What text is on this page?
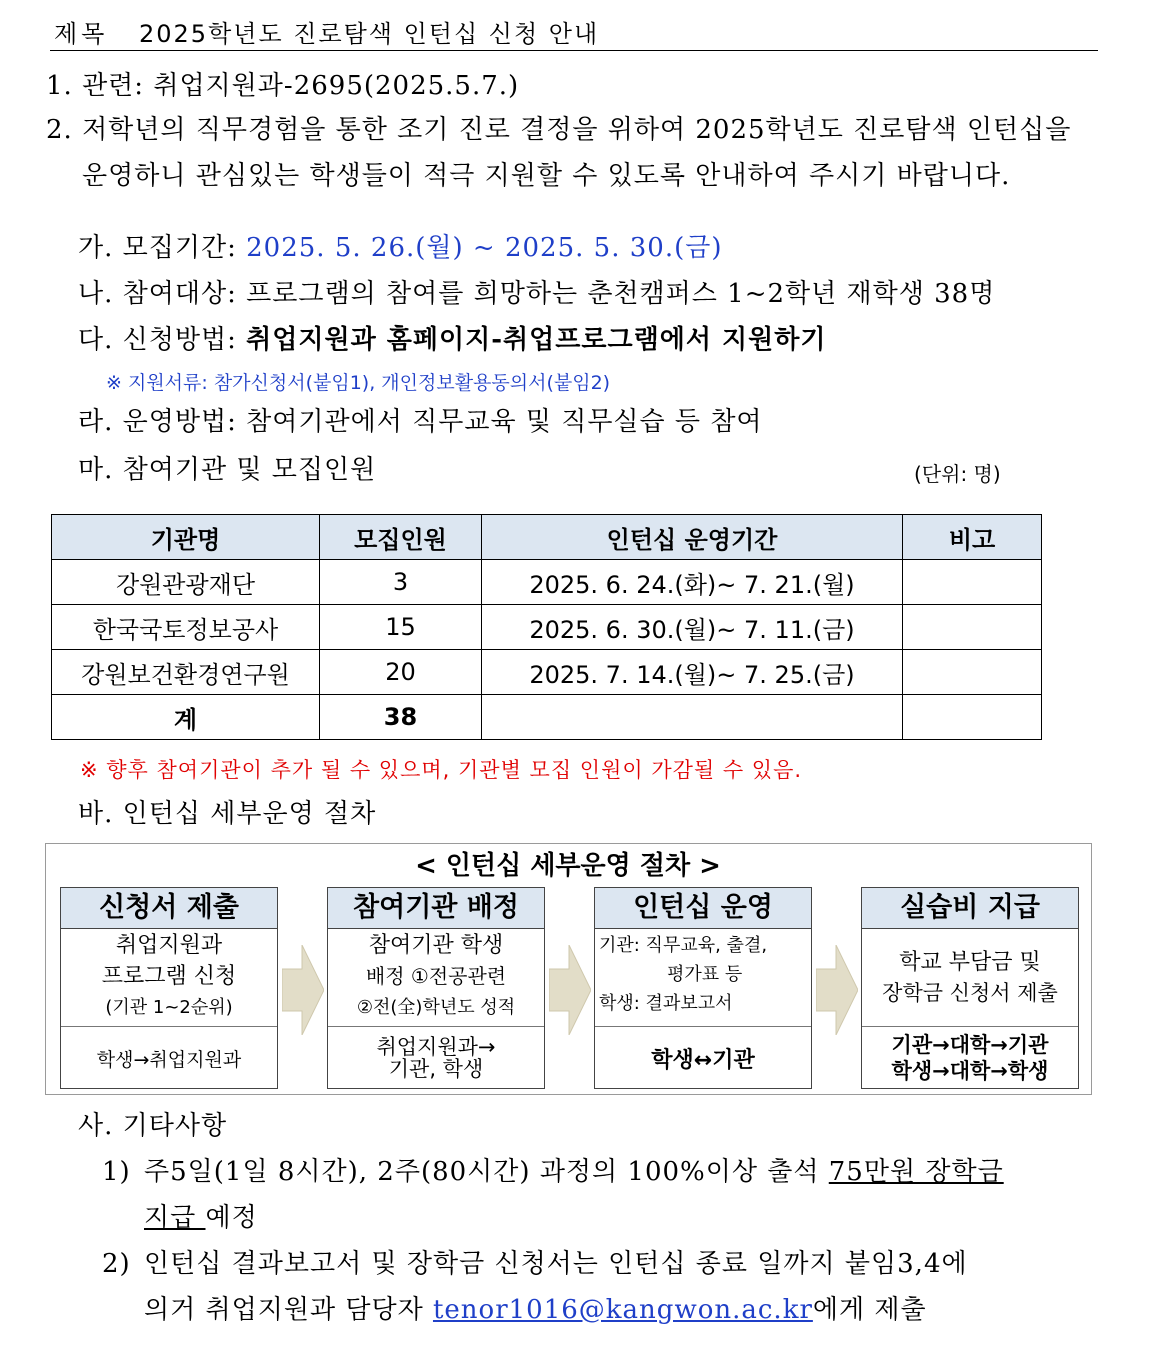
제목 2025학년도 진로탐색 인턴십 신청 안내
1. 관련: 취업지원과-2695(2025.5.7.)
2. 저학년의 직무경험을 통한 조기 진로 결정을 위하여 2025학년도 진로탐색 인턴십을
운영하니 관심있는 학생들이 적극 지원할 수 있도록 안내하여 주시기 바랍니다.
가. 모집기간: 2025. 5. 26.(월) ~ 2025. 5. 30.(금)
나. 참여대상: 프로그램의 참여를 희망하는 춘천캠퍼스 1~2학년 재학생 38명
다. 신청방법: 취업지원과 홈페이지-취업프로그램에서 지원하기
※ 지원서류: 참가신청서(붙임1), 개인정보활용동의서(붙임2)
라. 운영방법: 참여기관에서 직무교육 및 직무실습 등 참여
마. 참여기관 및 모집인원	(단위: 명)
기관명	모집인원	인턴십 운영기간	비고
강원관광재단	3	2025. 6. 24.(화)~ 7. 21.(월)	
한국국토정보공사	15	2025. 6. 30.(월)~ 7. 11.(금)	
강원보건환경연구원	20	2025. 7. 14.(월)~ 7. 25.(금)	
계	38		
※ 향후 참여기관이 추가 될 수 있으며, 기관별 모집 인원이 가감될 수 있음.
바. 인턴십 세부운영 절차
< 인턴십 세부운영 절차 >
신청서 제출
취업지원과
프로그램 신청
(기관 1~2순위)
학생→취업지원과
참여기관 배정
참여기관 학생
배정 ①전공관련
②전(全)학년도 성적
취업지원과→
기관, 학생
인턴십 운영
기관: 직무교육, 출결,
평가표 등
학생: 결과보고서
학생↔기관
실습비 지급
학교 부담금 및
장학금 신청서 제출
기관→대학→기관
학생→대학→학생
사. 기타사항
1) 주5일(1일 8시간), 2주(80시간) 과정의 100%이상 출석 75만원 장학금
지급 예정
2) 인턴십 결과보고서 및 장학금 신청서는 인턴십 종료 일까지 붙임3,4에
의거 취업지원과 담당자 tenor1016@kangwon.ac.kr에게 제출
